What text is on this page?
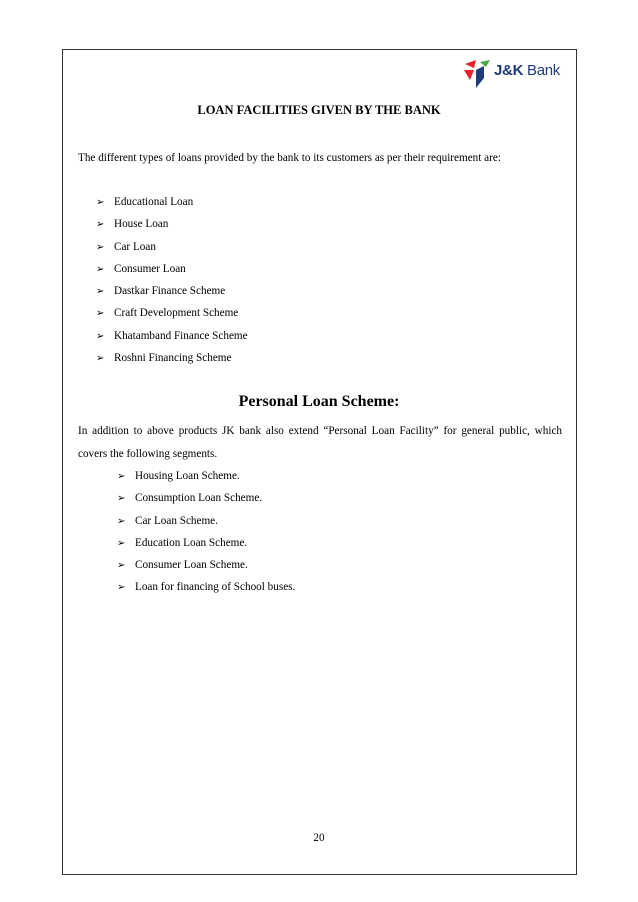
J&K Bank
LOAN FACILITIES GIVEN BY THE BANK
The different types of loans provided by the bank to its customers as per their requirement are:
➢ Educational Loan
➢ House Loan
➢ Car Loan
➢ Consumer Loan
➢ Dastkar Finance Scheme
➢ Craft Development Scheme
➢ Khatamband Finance Scheme
➢ Roshni Financing Scheme
Personal Loan Scheme:
In addition to above products JK bank also extend “Personal Loan Facility” for general public, which covers the following segments.
➢ Housing Loan Scheme.
➢ Consumption Loan Scheme.
➢ Car Loan Scheme.
➢ Education Loan Scheme.
➢ Consumer Loan Scheme.
➢ Loan for financing of School buses.
20
